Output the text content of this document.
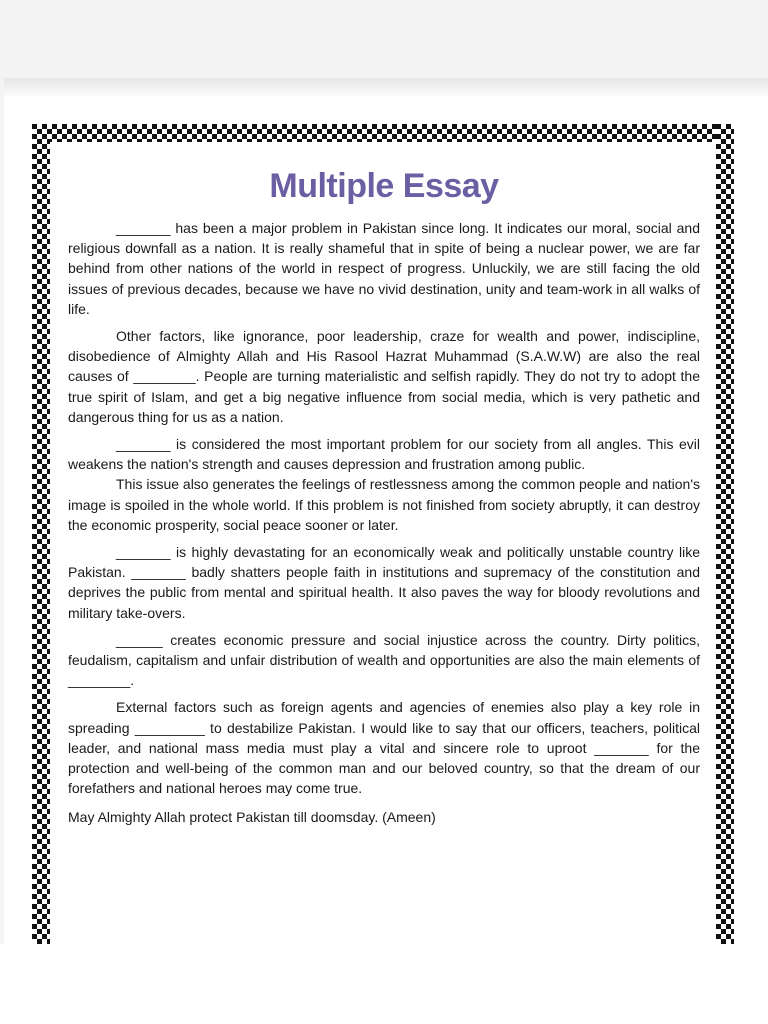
Multiple Essay

_______ has been a major problem in Pakistan since long. It indicates our moral, social and religious downfall as a nation. It is really shameful that in spite of being a nuclear power, we are far behind from other nations of the world in respect of progress. Unluckily, we are still facing the old issues of previous decades, because we have no vivid destination, unity and team-work in all walks of life.

Other factors, like ignorance, poor leadership, craze for wealth and power, indiscipline, disobedience of Almighty Allah and His Rasool Hazrat Muhammad (S.A.W.W) are also the real causes of ________. People are turning materialistic and selfish rapidly. They do not try to adopt the true spirit of Islam, and get a big negative influence from social media, which is very pathetic and dangerous thing for us as a nation.

_______ is considered the most important problem for our society from all angles. This evil weakens the nation's strength and causes depression and frustration among public.

This issue also generates the feelings of restlessness among the common people and nation's image is spoiled in the whole world. If this problem is not finished from society abruptly, it can destroy the economic prosperity, social peace sooner or later.

_______ is highly devastating for an economically weak and politically unstable country like Pakistan. _______ badly shatters people faith in institutions and supremacy of the constitution and deprives the public from mental and spiritual health. It also paves the way for bloody revolutions and military take-overs.

______ creates economic pressure and social injustice across the country. Dirty politics, feudalism, capitalism and unfair distribution of wealth and opportunities are also the main elements of ________.

External factors such as foreign agents and agencies of enemies also play a key role in spreading _________ to destabilize Pakistan. I would like to say that our officers, teachers, political leader, and national mass media must play a vital and sincere role to uproot _______ for the protection and well-being of the common man and our beloved country, so that the dream of our forefathers and national heroes may come true.

May Almighty Allah protect Pakistan till doomsday. (Ameen)
